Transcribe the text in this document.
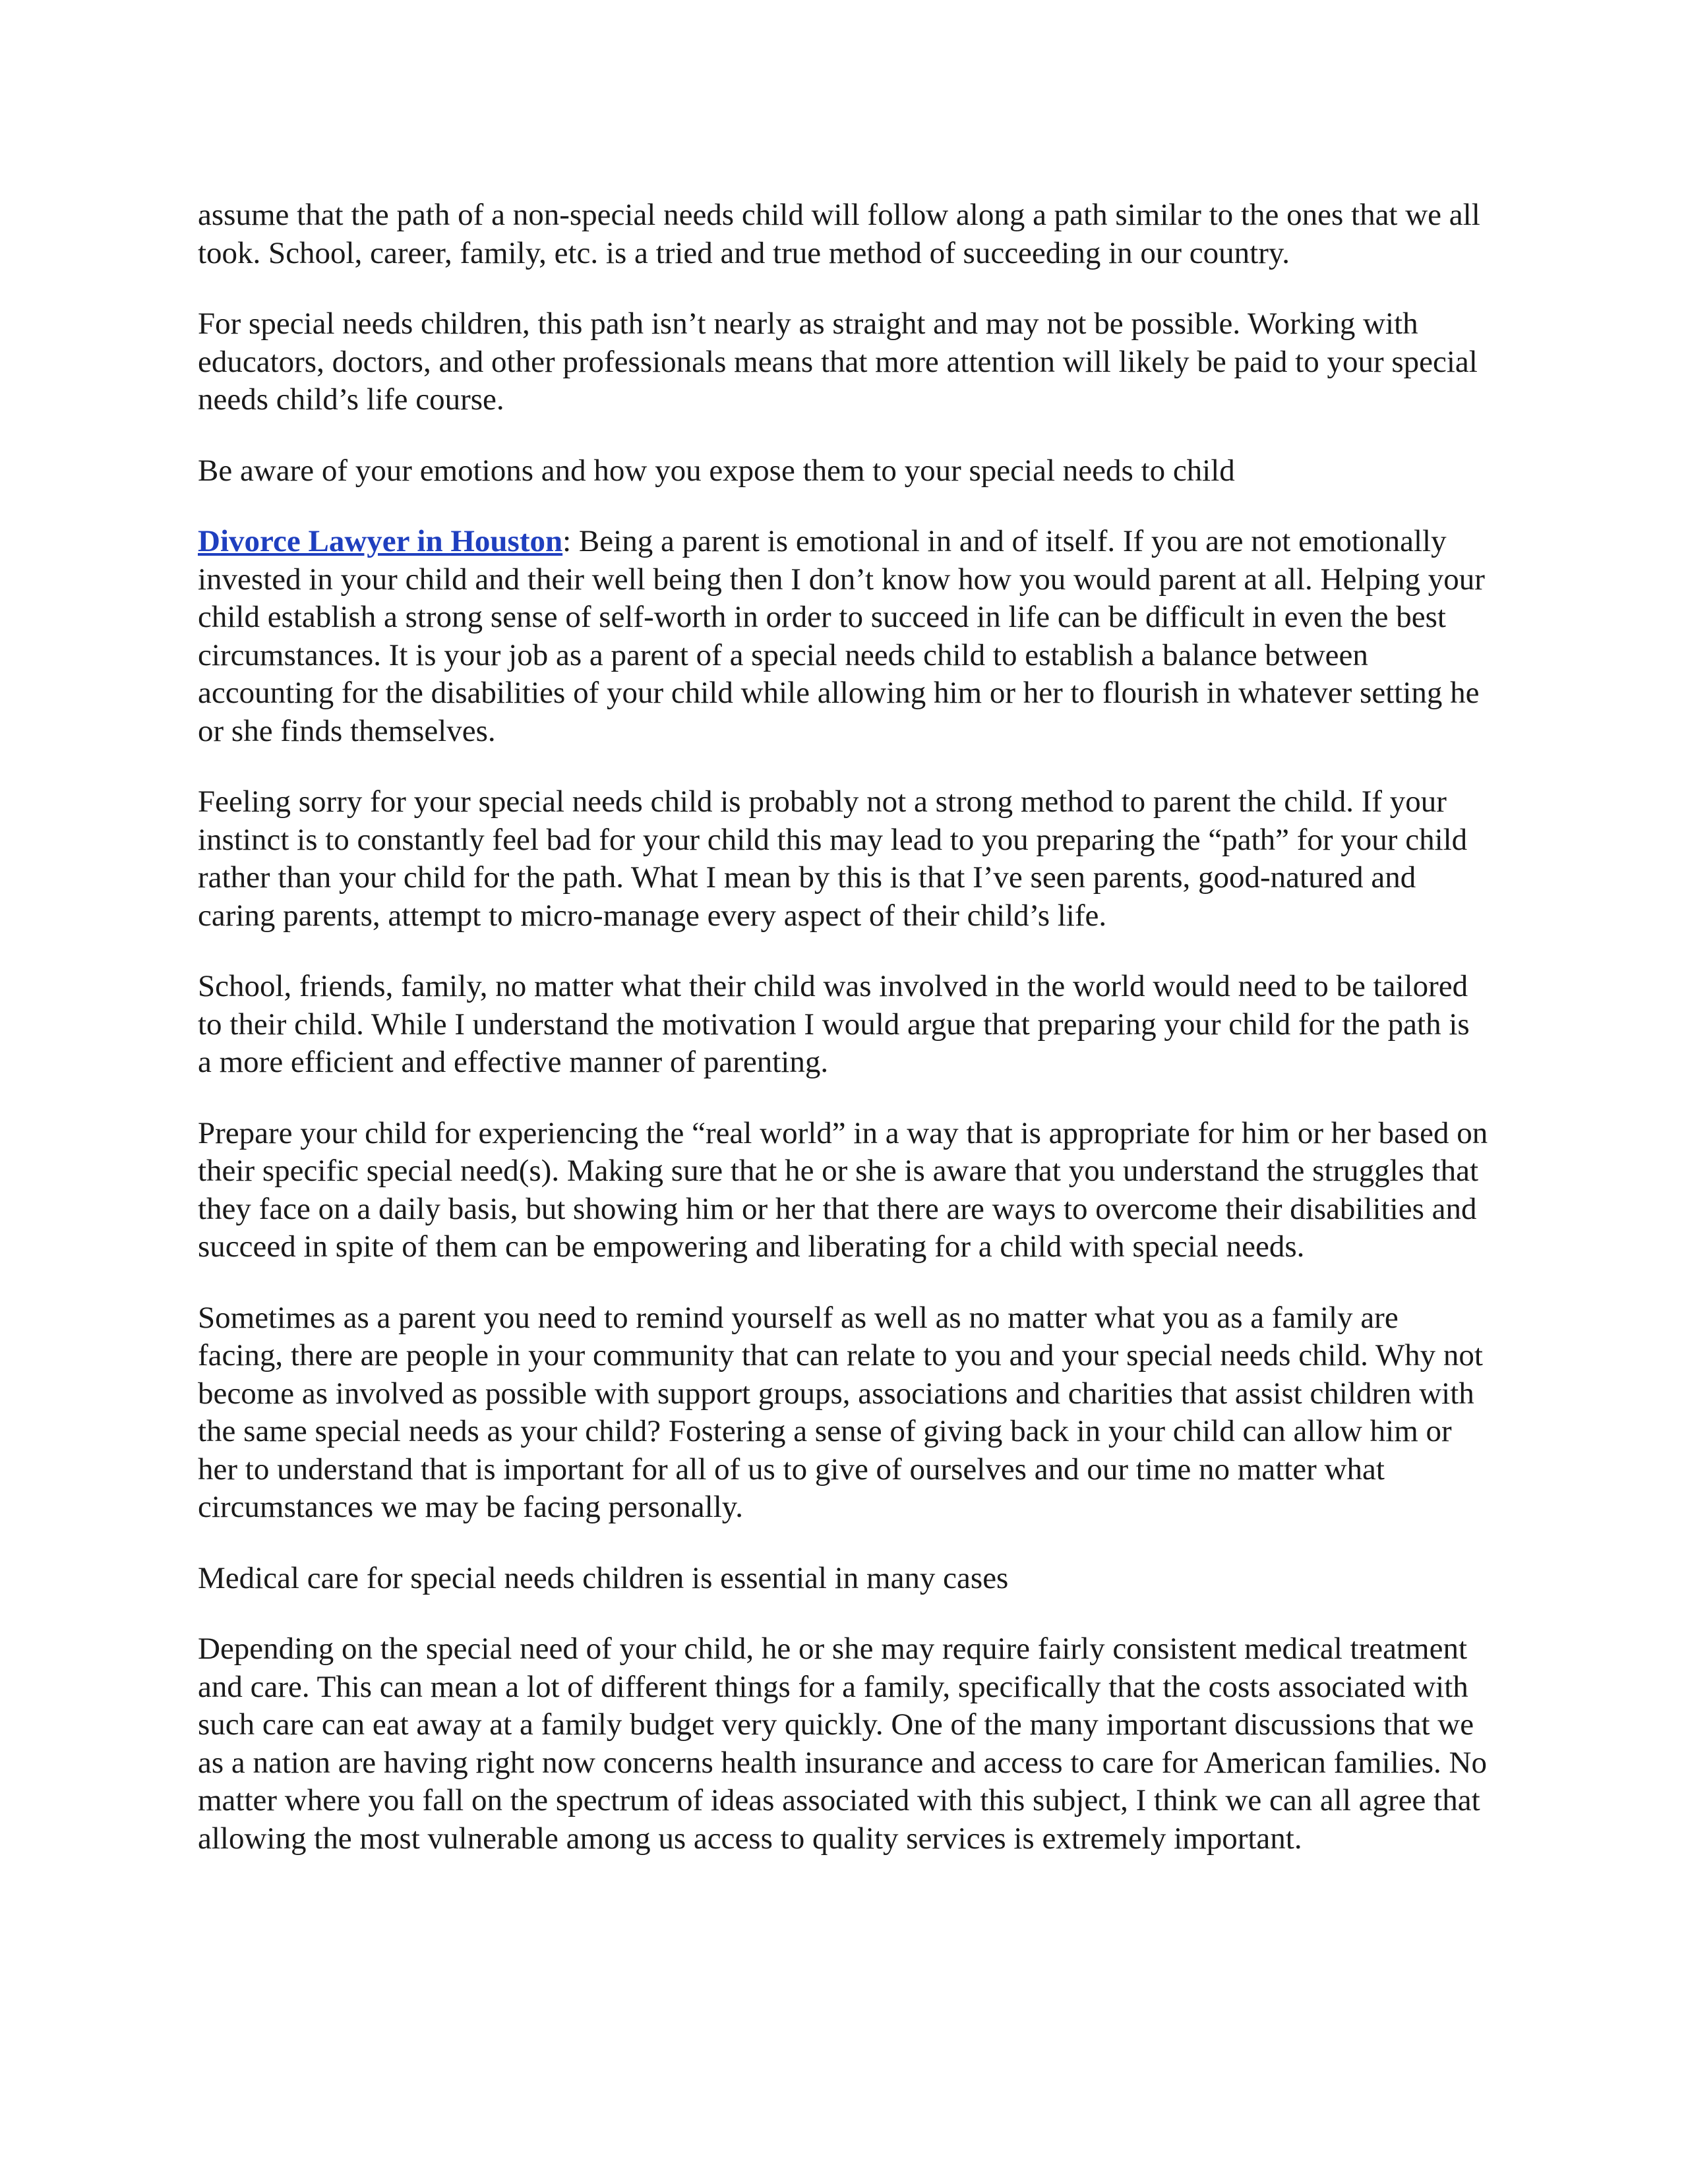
assume that the path of a non-special needs child will follow along a path similar to the ones that we all took. School, career, family, etc. is a tried and true method of succeeding in our country.

For special needs children, this path isn’t nearly as straight and may not be possible. Working with educators, doctors, and other professionals means that more attention will likely be paid to your special needs child’s life course.

Be aware of your emotions and how you expose them to your special needs to child

Divorce Lawyer in Houston: Being a parent is emotional in and of itself. If you are not emotionally invested in your child and their well being then I don’t know how you would parent at all. Helping your child establish a strong sense of self-worth in order to succeed in life can be difficult in even the best circumstances. It is your job as a parent of a special needs child to establish a balance between accounting for the disabilities of your child while allowing him or her to flourish in whatever setting he or she finds themselves.

Feeling sorry for your special needs child is probably not a strong method to parent the child. If your instinct is to constantly feel bad for your child this may lead to you preparing the “path” for your child rather than your child for the path. What I mean by this is that I’ve seen parents, good-natured and caring parents, attempt to micro-manage every aspect of their child’s life.

School, friends, family, no matter what their child was involved in the world would need to be tailored to their child. While I understand the motivation I would argue that preparing your child for the path is a more efficient and effective manner of parenting.

Prepare your child for experiencing the “real world” in a way that is appropriate for him or her based on their specific special need(s). Making sure that he or she is aware that you understand the struggles that they face on a daily basis, but showing him or her that there are ways to overcome their disabilities and succeed in spite of them can be empowering and liberating for a child with special needs.

Sometimes as a parent you need to remind yourself as well as no matter what you as a family are facing, there are people in your community that can relate to you and your special needs child. Why not become as involved as possible with support groups, associations and charities that assist children with the same special needs as your child? Fostering a sense of giving back in your child can allow him or her to understand that is important for all of us to give of ourselves and our time no matter what circumstances we may be facing personally.

Medical care for special needs children is essential in many cases

Depending on the special need of your child, he or she may require fairly consistent medical treatment and care. This can mean a lot of different things for a family, specifically that the costs associated with such care can eat away at a family budget very quickly. One of the many important discussions that we as a nation are having right now concerns health insurance and access to care for American families. No matter where you fall on the spectrum of ideas associated with this subject, I think we can all agree that allowing the most vulnerable among us access to quality services is extremely important.
